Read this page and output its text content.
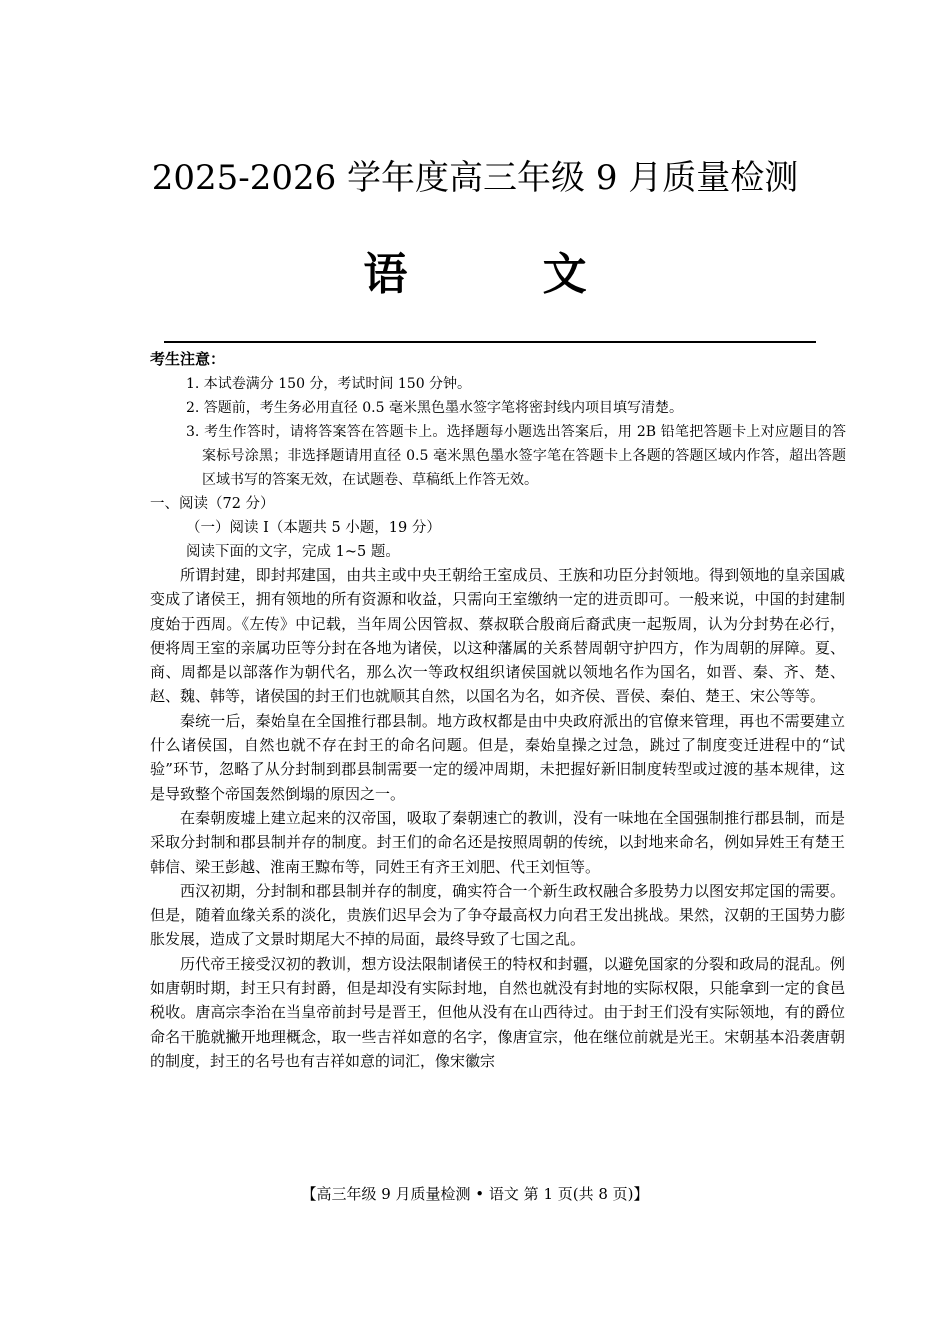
2025-2026 学年度高三年级 9 月质量检测
语 文
考生注意：
1. 本试卷满分 150 分，考试时间 150 分钟。
2. 答题前，考生务必用直径 0.5 毫米黑色墨水签字笔将密封线内项目填写清楚。
3. 考生作答时，请将答案答在答题卡上。选择题每小题选出答案后，用 2B 铅笔把答题卡上对应题目的答案标号涂黑；非选择题请用直径 0.5 毫米黑色墨水签字笔在答题卡上各题的答题区域内作答，超出答题区域书写的答案无效，在试题卷、草稿纸上作答无效。
一、阅读（72 分）
（一）阅读 I（本题共 5 小题，19 分）
阅读下面的文字，完成 1~5 题。

所谓封建，即封邦建国，由共主或中央王朝给王室成员、王族和功臣分封领地。得到领地的皇亲国戚变成了诸侯王，拥有领地的所有资源和收益，只需向王室缴纳一定的进贡即可。一般来说，中国的封建制度始于西周。《左传》中记载，当年周公因管叔、蔡叔联合殷商后裔武庚一起叛周，认为分封势在必行，便将周王室的亲属功臣等分封在各地为诸侯，以这种藩属的关系替周朝守护四方，作为周朝的屏障。夏、商、周都是以部落作为朝代名，那么次一等政权组织诸侯国就以领地名作为国名，如晋、秦、齐、楚、赵、魏、韩等，诸侯国的封王们也就顺其自然，以国名为名，如齐侯、晋侯、秦伯、楚王、宋公等等。

秦统一后，秦始皇在全国推行郡县制。地方政权都是由中央政府派出的官僚来管理，再也不需要建立什么诸侯国，自然也就不存在封王的命名问题。但是，秦始皇操之过急，跳过了制度变迁进程中的“试验”环节，忽略了从分封制到郡县制需要一定的缓冲周期，未把握好新旧制度转型或过渡的基本规律，这是导致整个帝国轰然倒塌的原因之一。

在秦朝废墟上建立起来的汉帝国，吸取了秦朝速亡的教训，没有一味地在全国强制推行郡县制，而是采取分封制和郡县制并存的制度。封王们的命名还是按照周朝的传统，以封地来命名，例如异姓王有楚王韩信、梁王彭越、淮南王黥布等，同姓王有齐王刘肥、代王刘恒等。

西汉初期，分封制和郡县制并存的制度，确实符合一个新生政权融合多股势力以图安邦定国的需要。但是，随着血缘关系的淡化，贵族们迟早会为了争夺最高权力向君王发出挑战。果然，汉朝的王国势力膨胀发展，造成了文景时期尾大不掉的局面，最终导致了七国之乱。

历代帝王接受汉初的教训，想方设法限制诸侯王的特权和封疆，以避免国家的分裂和政局的混乱。例如唐朝时期，封王只有封爵，但是却没有实际封地，自然也就没有封地的实际权限，只能拿到一定的食邑税收。唐高宗李治在当皇帝前封号是晋王，但他从没有在山西待过。由于封王们没有实际领地，有的爵位命名干脆就撇开地理概念，取一些吉祥如意的名字，像唐宣宗，他在继位前就是光王。宋朝基本沿袭唐朝的制度，封王的名号也有吉祥如意的词汇，像宋徽宗

【高三年级 9 月质量检测 • 语文 第 1 页(共 8 页)】
